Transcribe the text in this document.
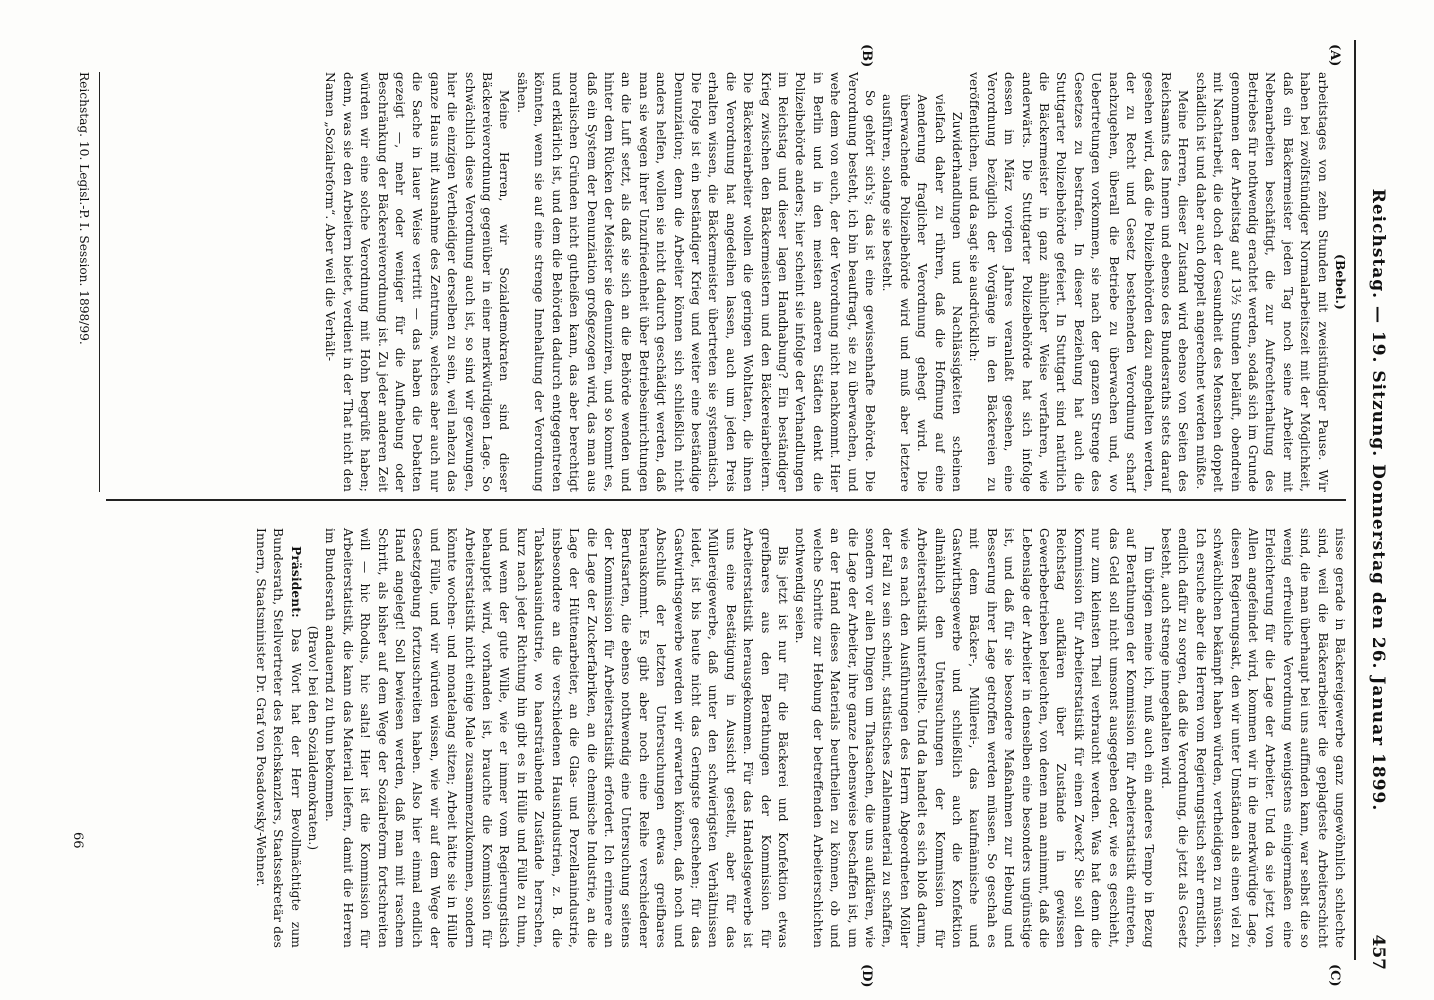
Reichstag. — 19. Sitzung. Donnerstag den 26. Januar 1899.
457
(A)
(B)
(C)
(D)

(Bebel.)

arbeitstages von zehn Stunden mit zweistündiger Pause. Wir haben bei zwölfstündiger Normalarbeitszeit mit der Möglichkeit, daß ein Bäckermeister jeden Tag noch seine Arbeiter mit Nebenarbeiten beschäftigt, die zur Aufrechterhaltung des Betriebes für nothwendig erachtet werden, sodaß sich im Grunde genommen der Arbeitstag auf 13½ Stunden beläuft, obendrein mit Nachtarbeit, die doch der Gesundheit des Menschen doppelt schädlich ist und daher auch doppelt angerechnet werden müßte.

Meine Herren, dieser Zustand wird ebenso von Seiten des Reichsamts des Innern und ebenso des Bundesraths stets darauf gesehen wird, daß die Polizeibehörden dazu angehalten werden, der zu Recht und Gesetz bestehenden Verordnung scharf nachzugehen, überall die Betriebe zu überwachen und, wo Uebertretungen vorkommen, sie nach der ganzen Strenge des Gesetzes zu bestrafen. In dieser Beziehung hat auch die Stuttgarter Polizeibehörde gefeiert. In Stuttgart sind natürlich die Bäckermeister in ganz ähnlicher Weise verfahren, wie anderwärts. Die Stuttgarter Polizeibehörde hat sich infolge dessen im März vorigen Jahres veranlaßt gesehen, eine Verordnung bezüglich der Vorgänge in den Bäckereien zu veröffentlichen, und da sagt sie ausdrücklich:

Zuwiderhandlungen und Nachlässigkeiten scheinen vielfach daher zu rühren, daß die Hoffnung auf eine Aenderung fraglicher Verordnung gehegt wird. Die überwachende Polizeibehörde wird und muß aber letztere ausführen, solange sie besteht.

So gehört sich's; das ist eine gewissenhafte Behörde. Die Verordnung besteht, ich bin beauftragt, sie zu überwachen, und wehe dem von euch, der der Verordnung nicht nachkommt. Hier in Berlin und in den meisten anderen Städten denkt die Polizeibehörde anders; hier scheint sie infolge der Verhandlungen im Reichstag und dieser lagen Handhabung? Ein beständiger Krieg zwischen den Bäckermeistern und den Bäckereiarbeitern. Die Bäckereiarbeiter wollen die geringen Wohltaten, die ihnen die Verordnung hat angedeihen lassen, auch um jeden Preis erhalten wissen, die Bäckermeister übertreten sie systematisch. Die Folge ist ein beständiger Krieg und weiter eine beständige Denunziation; denn die Arbeiter können sich schließlich nicht anders helfen, wollen sie nicht dadurch geschädigt werden, daß man sie wegen ihrer Unzufriedenheit über Betriebseinrichtungen an die Luft setzt, als daß sie sich an die Behörde wenden und hinter dem Rücken der Meister sie denunziren, und so kommt es, daß ein System der Denunziation großgezogen wird, das man aus moralischen Gründen nicht gutheißen kann, das aber berechtigt und erklärlich ist, und dem die Behörden dadurch entgegentreten könnten, wenn sie auf eine strenge Innehaltung der Verordnung sähen.

Meine Herren, wir Sozialdemokraten sind dieser Bäckereiverordnung gegenüber in einer merkwürdigen Lage. So schwächlich diese Verordnung auch ist, so sind wir gezwungen, hier die einzigen Vertheidiger derselben zu sein, weil nahezu das ganze Haus mit Ausnahme des Zentrums, welches aber auch nur die Sache in lauer Weise vertritt — das haben die Debatten gezeigt —, mehr oder weniger für die Aufhebung oder Beschränkung der Bäckereiverordnung ist. Zu jeder anderen Zeit würden wir eine solche Verordnung mit Hohn begrüßt haben; denn, was sie den Arbeitern bietet, verdient in der That nicht den Namen „Sozialreform“. Aber weil die Verhält-

nisse gerade in Bäckereigewerbe ganz ungewöhnlich schlechte sind, weil die Bäckerarbeiter die geplagteste Arbeiterschicht sind, die man überhaupt bei uns auffinden kann, war selbst die so wenig erfreuliche Verordnung wenigstens einigermaßen eine Erleichterung für die Lage der Arbeiter. Und da sie jetzt von Allen angefeindet wird, kommen wir in die merkwürdige Lage, diesen Regierungsakt, den wir unter Umständen als einen viel zu schwächlichen bekämpft haben würden, vertheidigen zu müssen. Ich ersuche aber die Herren vom Regierungstisch sehr ernstlich, endlich dafür zu sorgen, daß die Verordnung, die jetzt als Gesetz besteht, auch strenge innegehalten wird.

Im übrigen meine ich, muß auch ein anderes Tempo in Bezug auf Berathungen der Kommission für Arbeiterstatistik eintreten, das Geld soll nicht umsonst ausgegeben oder, wie es geschieht, nur zum kleinsten Theil verbraucht werden. Was hat denn die Kommission für Arbeiterstatistik für einen Zweck? Sie soll den Reichstag aufklären über Zustände in gewissen Gewerbebetrieben beleuchten, von denen man annimmt, daß die Lebenslage der Arbeiter in denselben eine besonders ungünstige ist, und daß für sie besondere Maßnahmen zur Hebung und Besserung ihrer Lage getroffen werden müssen. So geschah es mit dem Bäcker-, Müllerei-, das kaufmännische und Gastwirthsgewerbe und schließlich auch die Konfektion allmählich den Untersuchungen der Kommission für Arbeiterstatistik unterstellte. Und da handelt es sich bloß darum, wie es nach den Ausführungen des Herrn Abgeordneten Möller der Fall zu sein scheint, statistisches Zahlenmaterial zu schaffen, sondern vor allen Dingen um Thatsachen, die uns aufklären, wie die Lage der Arbeiter, ihre ganze Lebensweise beschaffen ist, um an der Hand dieses Materials beurtheilen zu können, ob und welche Schritte zur Hebung der betreffenden Arbeiterschichten nothwendig seien.

Bis jetzt ist nur für die Bäckerei und Konfektion etwas greifbares aus den Berathungen der Kommission für Arbeiterstatistik herausgekommen. Für das Handelsgewerbe ist uns eine Bestätigung in Aussicht gestellt, aber für das Müllereigewerbe, daß unter den schwierigsten Verhältnissen leidet, ist bis heute nicht das Geringste geschehen; für das Gastwirthsgewerbe werden wir erwarten können, daß noch und Abschluß der letzten Untersuchungen etwas greifbares herauskommt. Es gibt aber noch eine Reihe verschiedener Berufsarten, die ebenso nothwendig eine Untersuchung seitens der Kommission für Arbeiterstatistik erfordert. Ich erinnere an die Lage der Zuckerfabriken, an die chemische Industrie, an die Lage der Hüttenarbeiter, an die Glas- und Porzellanindustrie, insbesondere an die verschiedenen Hausindustrien, z. B. die Tabakshausindustrie, wo haarsträubende Zustände herrschen, kurz nach jeder Richtung hin gibt es in Hülle und Fülle zu thun, und wenn der gute Wille, wie er immer vom Regierungstisch behauptet wird, vorhanden ist, brauchte die Kommission für Arbeiterstatistik nicht einige Male zusammenzukommen, sondern könnte wochen- und monatelang sitzen; Arbeit hätte sie in Hülle und Fülle, und wir würden wissen, wie wir auf dem Wege der Gesetzgebung fortzuschreiten haben. Also hier einmal endlich Hand angelegt! Soll bewiesen werden, daß man mit raschem Schritt, als bisher auf dem Wege der Sozialreform fortschreiten will — hic Rhodus, hic salta! Hier ist die Kommission für Arbeiterstatistik, die kann das Material liefern, damit die Herren im Bundesrath andauernd zu thun bekommen.

(Bravo! bei den Sozialdemokraten.)

Präsident: Das Wort hat der Herr Bevollmächtigte zum Bundesrath, Stellvertreter des Reichskanzlers, Staatssekretär des Innern, Staatsminister Dr. Graf von Posadowsky-Wehner.

Reichstag. 10. Legisl.-P. I. Session. 1898/99.
66
